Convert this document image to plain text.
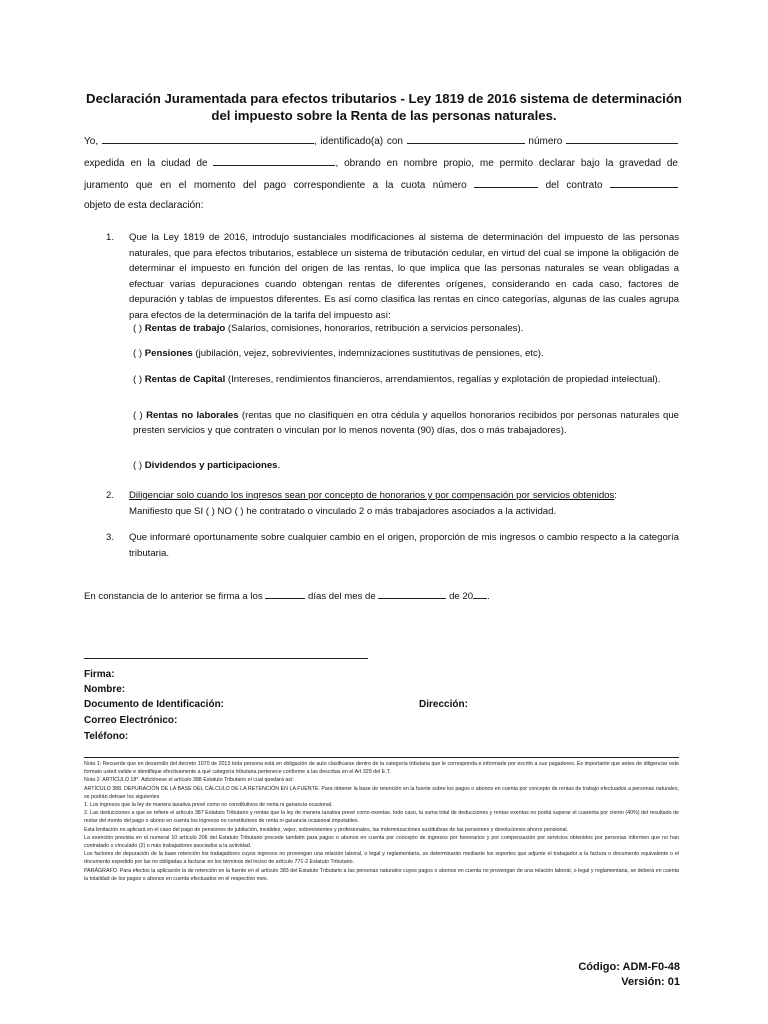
Declaración Juramentada para efectos tributarios - Ley 1819 de 2016 sistema de determinación del impuesto sobre la Renta de las personas naturales.
Yo,	, identificado(a) con	número
expedida en la ciudad de	, obrando en nombre propio, me permito declarar bajo la gravedad de
juramento que en el momento del pago correspondiente a la cuota número	del contrato
objeto de esta declaración:
1. Que la Ley 1819 de 2016, introdujo sustanciales modificaciones al sistema de determinación del impuesto de las personas naturales, que para efectos tributarios, establece un sistema de tributación cedular, en virtud del cual se impone la obligación de determinar el impuesto en función del origen de las rentas, lo que implica que las personas naturales se vean obligadas a efectuar varias depuraciones cuando obtengan rentas de diferentes orígenes, considerando en cada caso, factores de depuración y tablas de impuestos diferentes. Es así como clasifica las rentas en cinco categorías, algunas de las cuales agrupa para efectos de la determinación de la tarifa del impuesto así:
( ) Rentas de trabajo (Salarios, comisiones, honorarios, retribución a servicios personales).
( ) Pensiones (jubilación, vejez, sobrevivientes, indemnizaciones sustitutivas de pensiones, etc).
( ) Rentas de Capital (Intereses, rendimientos financieros, arrendamientos, regalías y explotación de propiedad intelectual).
( ) Rentas no laborales (rentas que no clasifiquen en otra cédula y aquellos honorarios recibidos por personas naturales que presten servicios y que contraten o vinculan por lo menos noventa (90) días, dos o más trabajadores).
( ) Dividendos y participaciones.
2. Diligenciar solo cuando los ingresos sean por concepto de honorarios y por compensación por servicios obtenidos:
Manifiesto que SI ( ) NO ( ) he contratado o vinculado 2 o más trabajadores asociados a la actividad.
3. Que informaré oportunamente sobre cualquier cambio en el origen, proporción de mis ingresos o cambio respecto a la categoría tributaria.
En constancia de lo anterior se firma a los	días del mes de	de 20 .
Firma:
Nombre:
Documento de Identificación:	Dirección:
Correo Electrónico:
Teléfono:
Nota 1: Recuerde que en desarrollo del decreto 1070 de 2013 toda persona está en obligación de auto clasificarse dentro de la categoría tributaria que le corresponda e informarle por escrito a sus pagadores. Es importante que antes de diligenciar este formato usted valide e identifique efectivamente a qué categoría tributaria pertenece conforme a las descritas en el Art 329 del E.T.
Nota 2: ARTÍCULO 18°. Adiciónese el artículo 388 Estatuto Tributario el cual quedará así:
ARTÍCULO 388. DEPURACIÓN DE LA BASE DEL CÁLCULO DE LA RETENCIÓN EN LA FUENTE. Para obtener la base de retención en la fuente sobre los pagos o abonos en cuenta por concepto de rentas de trabajo efectuados a personas naturales, se podrán detraer los siguientes
1. Los ingresos que la ley de manera taxativa prevé como no constitutivos de renta ni ganancia ocasional.
2. Las deducciones a que se refiere el artículo 387 Estatuto Tributario y rentas que la ley de manera taxativa prevé como exentas. todo caso, la suma total de deducciones y rentas exentas no podrá superar el cuarenta por ciento (40%) del resultado de restar del monto del pago o abono en cuenta los ingresos no constitutivos de renta ni ganancia ocasional imputables.
Esta limitación no aplicará en el caso del pago de pensiones de jubilación, invalidez, vejez, sobrevivientes y profesionales, las indemnizaciones sustitutivas de las pensiones y devoluciones ahorro pensional.
La exención prevista en el numeral 10 artículo 206 del Estatuto Tributario procede también para pagos o abonos en cuenta por concepto de ingresos por honorarios y por compensación por servicios obtenidos por personas informen que no han contratado o vinculado (2) o más trabajadores asociados a la actividad.
Los factores de depuración de la base retención los trabajadores cuyos ingresos no provengan una relación laboral, o legal y reglamentaria, se determinarán mediante los soportes que adjunte el trabajador a la factura o documento equivalente o el documento expedido por las no obligadas a facturar en los términos del inciso de artículo 771-2 Estatuto Tributario.
PARÁGRAFO. Para efectos la aplicación la de retención en la fuente en el artículo 383 del Estatuto Tributario a las personas naturales cuyos pagos o abonos en cuenta no provengan de una relación laboral, o legal y reglamentaria, se deberá en cuenta la totalidad de los pagos o abonos en cuenta efectuados en el respectivo mes.
Código: ADM-F0-48
Versión: 01
